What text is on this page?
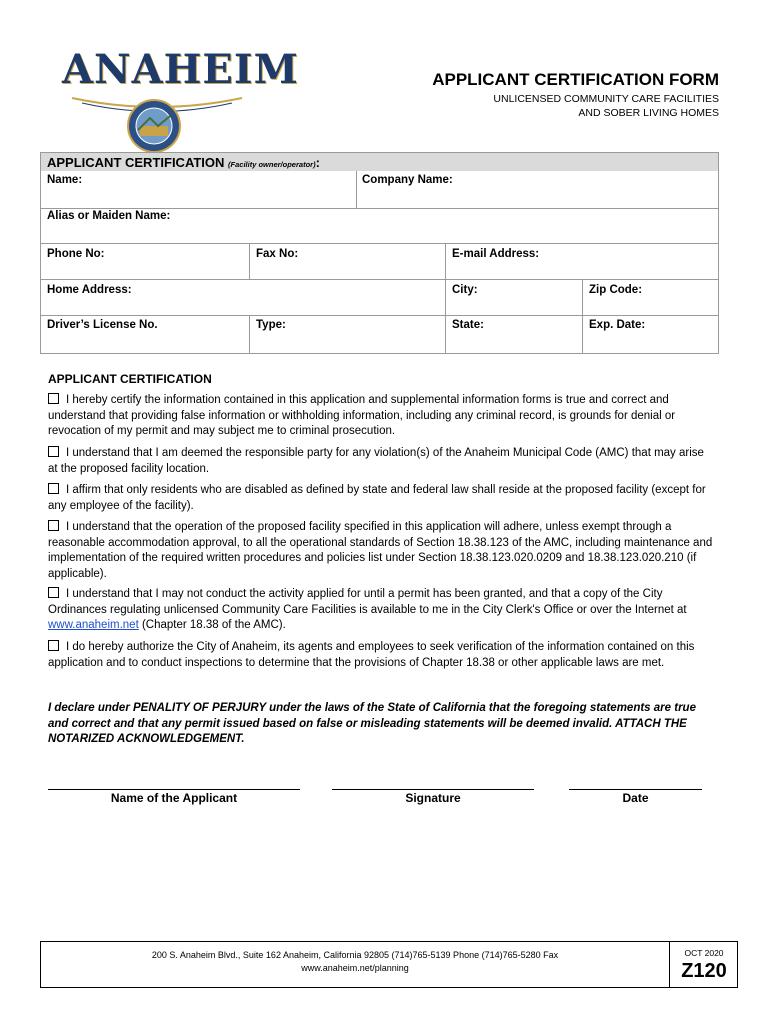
ANAHEIM	APPLICANT CERTIFICATION FORM
UNLICENSED COMMUNITY CARE FACILITIES
AND SOBER LIVING HOMES
APPLICANT CERTIFICATION (Facility owner/operator):
Name:	Company Name:
Alias or Maiden Name:
Phone No:	Fax No:	E-mail Address:
Home Address:	City:	Zip Code:
Driver’s License No.	Type:	State:	Exp. Date:
APPLICANT CERTIFICATION
I hereby certify the information contained in this application and supplemental information forms is true and correct and understand that providing false information or withholding information, including any criminal record, is grounds for denial or revocation of my permit and may subject me to criminal prosecution.
I understand that I am deemed the responsible party for any violation(s) of the Anaheim Municipal Code (AMC) that may arise at the proposed facility location.
I affirm that only residents who are disabled as defined by state and federal law shall reside at the proposed facility (except for any employee of the facility).
I understand that the operation of the proposed facility specified in this application will adhere, unless exempt through a reasonable accommodation approval, to all the operational standards of Section 18.38.123 of the AMC, including maintenance and implementation of the required written procedures and policies list under Section 18.38.123.020.0209 and 18.38.123.020.210 (if applicable).
I understand that I may not conduct the activity applied for until a permit has been granted, and that a copy of the City Ordinances regulating unlicensed Community Care Facilities is available to me in the City Clerk's Office or over the Internet at www.anaheim.net (Chapter 18.38 of the AMC).
I do hereby authorize the City of Anaheim, its agents and employees to seek verification of the information contained on this application and to conduct inspections to determine that the provisions of Chapter 18.38 or other applicable laws are met.
I declare under PENALITY OF PERJURY under the laws of the State of California that the foregoing statements are true and correct and that any permit issued based on false or misleading statements will be deemed invalid. ATTACH THE NOTARIZED ACKNOWLEDGEMENT.
Name of the Applicant	Signature	Date
200 S. Anaheim Blvd., Suite 162 Anaheim, California 92805 (714)765-5139 Phone (714)765-5280 Fax
www.anaheim.net/planning
OCT 2020
Z120
